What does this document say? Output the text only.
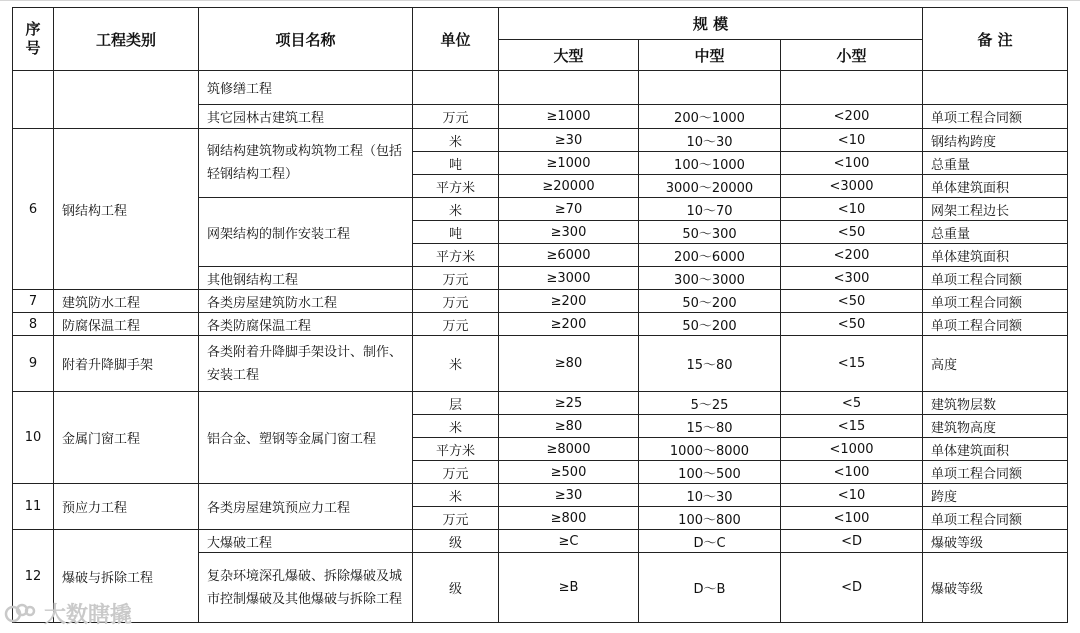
序号	工程类别	项目名称	单位	规 模			备 注
				大型	中型	小型	
		筑修缮工程					
		其它园林古建筑工程	万元	≥1000	200～1000	<200	单项工程合同额
6	钢结构工程	钢结构建筑物或构筑物工程（包括轻钢结构工程）	米	≥30	10～30	<10	钢结构跨度
			吨	≥1000	100～1000	<100	总重量
			平方米	≥20000	3000～20000	<3000	单体建筑面积
		网架结构的制作安装工程	米	≥70	10～70	<10	网架工程边长
			吨	≥300	50～300	<50	总重量
			平方米	≥6000	200～6000	<200	单体建筑面积
		其他钢结构工程	万元	≥3000	300～3000	<300	单项工程合同额
7	建筑防水工程	各类房屋建筑防水工程	万元	≥200	50～200	<50	单项工程合同额
8	防腐保温工程	各类防腐保温工程	万元	≥200	50～200	<50	单项工程合同额
9	附着升降脚手架	各类附着升降脚手架设计、制作、安装工程	米	≥80	15～80	<15	高度
10	金属门窗工程	铝合金、塑钢等金属门窗工程	层	≥25	5～25	<5	建筑物层数
			米	≥80	15～80	<15	建筑物高度
			平方米	≥8000	1000～8000	<1000	单体建筑面积
			万元	≥500	100～500	<100	单项工程合同额
11	预应力工程	各类房屋建筑预应力工程	米	≥30	10～30	<10	跨度
			万元	≥800	100～800	<100	单项工程合同额
12	爆破与拆除工程	大爆破工程	级	≥C	D～C	<D	爆破等级
		复杂环境深孔爆破、拆除爆破及城市控制爆破及其他爆破与拆除工程	级	≥B	D～B	<D	爆破等级
大数瞎撬
